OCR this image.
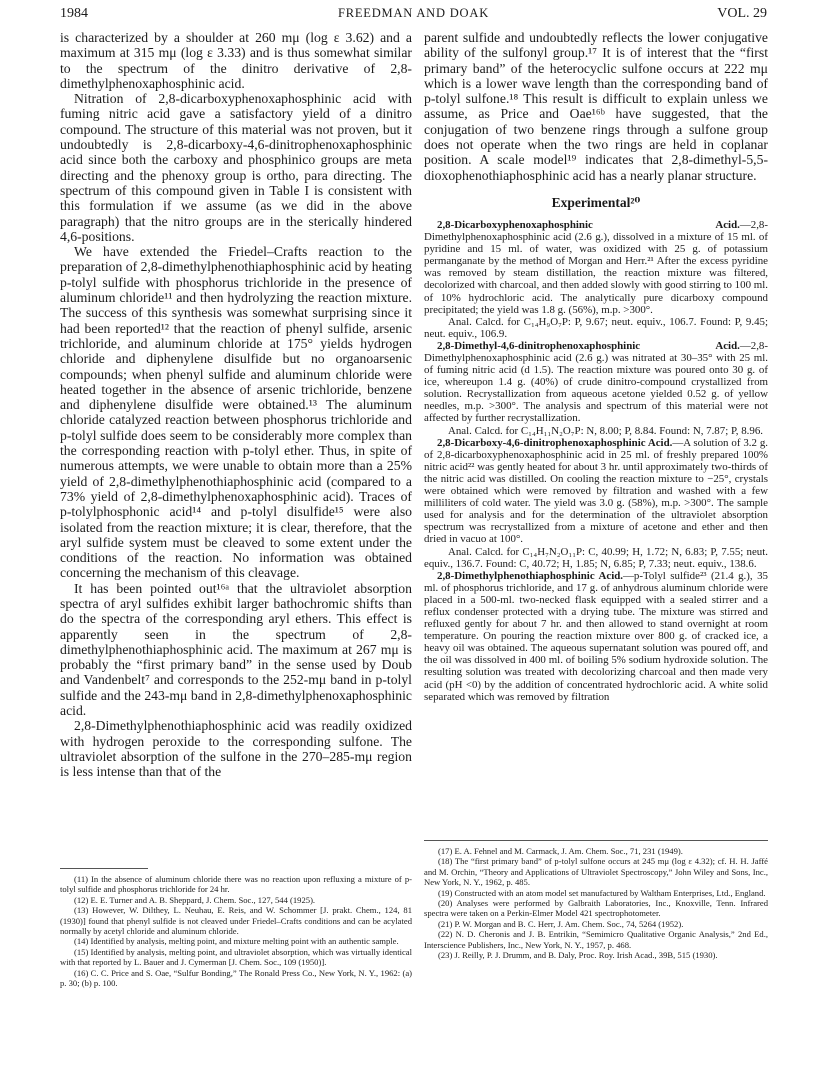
1984	FREEDMAN AND DOAK	VOL. 29

is characterized by a shoulder at 260 mμ (log ε 3.62) and a maximum at 315 mμ (log ε 3.33) and is thus somewhat similar to the spectrum of the dinitro derivative of 2,8-dimethylphenoxaphosphinic acid.

Nitration of 2,8-dicarboxyphenoxaphosphinic acid with fuming nitric acid gave a satisfactory yield of a dinitro compound. The structure of this material was not proven, but it undoubtedly is 2,8-dicarboxy-4,6-dinitrophenoxaphosphinic acid since both the carboxy and phosphinico groups are meta directing and the phenoxy group is ortho, para directing. The spectrum of this compound given in Table I is consistent with this formulation if we assume (as we did in the above paragraph) that the nitro groups are in the sterically hindered 4,6-positions.

We have extended the Friedel–Crafts reaction to the preparation of 2,8-dimethylphenothiaphosphinic acid by heating p-tolyl sulfide with phosphorus trichloride in the presence of aluminum chloride¹¹ and then hydrolyzing the reaction mixture. The success of this synthesis was somewhat surprising since it had been reported¹² that the reaction of phenyl sulfide, arsenic trichloride, and aluminum chloride at 175° yields hydrogen chloride and diphenylene disulfide but no organoarsenic compounds; when phenyl sulfide and aluminum chloride were heated together in the absence of arsenic trichloride, benzene and diphenylene disulfide were obtained.¹³ The aluminum chloride catalyzed reaction between phosphorus trichloride and p-tolyl sulfide does seem to be considerably more complex than the corresponding reaction with p-tolyl ether. Thus, in spite of numerous attempts, we were unable to obtain more than a 25% yield of 2,8-dimethylphenothiaphosphinic acid (compared to a 73% yield of 2,8-dimethylphenoxaphosphinic acid). Traces of p-tolylphosphonic acid¹⁴ and p-tolyl disulfide¹⁵ were also isolated from the reaction mixture; it is clear, therefore, that the aryl sulfide system must be cleaved to some extent under the conditions of the reaction. No information was obtained concerning the mechanism of this cleavage.

It has been pointed out¹⁶ᵃ that the ultraviolet absorption spectra of aryl sulfides exhibit larger bathochromic shifts than do the spectra of the corresponding aryl ethers. This effect is apparently seen in the spectrum of 2,8-dimethylphenothiaphosphinic acid. The maximum at 267 mμ is probably the “first primary band” in the sense used by Doub and Vandenbelt⁷ and corresponds to the 252-mμ band in p-tolyl sulfide and the 243-mμ band in 2,8-dimethylphenoxaphosphinic acid.

2,8-Dimethylphenothiaphosphinic acid was readily oxidized with hydrogen peroxide to the corresponding sulfone. The ultraviolet absorption of the sulfone in the 270–285-mμ region is less intense than that of the

parent sulfide and undoubtedly reflects the lower conjugative ability of the sulfonyl group.¹⁷ It is of interest that the “first primary band” of the heterocyclic sulfone occurs at 222 mμ which is a lower wave length than the corresponding band of p-tolyl sulfone.¹⁸ This result is difficult to explain unless we assume, as Price and Oae¹⁶ᵇ have suggested, that the conjugation of two benzene rings through a sulfone group does not operate when the two rings are held in coplanar position. A scale model¹⁹ indicates that 2,8-dimethyl-5,5-dioxophenothiaphosphinic acid has a nearly planar structure.

Experimental²⁰

2,8-Dicarboxyphenoxaphosphinic Acid.—2,8-Dimethylphenoxaphosphinic acid (2.6 g.), dissolved in a mixture of 15 ml. of pyridine and 15 ml. of water, was oxidized with 25 g. of potassium permanganate by the method of Morgan and Herr.²¹ After the excess pyridine was removed by steam distillation, the reaction mixture was filtered, decolorized with charcoal, and then added slowly with good stirring to 100 ml. of 10% hydrochloric acid. The analytically pure dicarboxy compound precipitated; the yield was 1.8 g. (56%), m.p. >300°.

Anal. Calcd. for C₁₄H₉O₇P: P, 9.67; neut. equiv., 106.7. Found: P, 9.45; neut. equiv., 106.9.

2,8-Dimethyl-4,6-dinitrophenoxaphosphinic Acid.—2,8-Dimethylphenoxaphosphinic acid (2.6 g.) was nitrated at 30–35° with 25 ml. of fuming nitric acid (d 1.5). The reaction mixture was poured onto 30 g. of ice, whereupon 1.4 g. (40%) of crude dinitro-compound crystallized from solution. Recrystallization from aqueous acetone yielded 0.52 g. of yellow needles, m.p. >300°. The analysis and spectrum of this material were not affected by further recrystallization.

Anal. Calcd. for C₁₄H₁₁N₂O₇P: N, 8.00; P, 8.84. Found: N, 7.87; P, 8.96.

2,8-Dicarboxy-4,6-dinitrophenoxaphosphinic Acid.—A solution of 3.2 g. of 2,8-dicarboxyphenoxaphosphinic acid in 25 ml. of freshly prepared 100% nitric acid²² was gently heated for about 3 hr. until approximately two-thirds of the nitric acid was distilled. On cooling the reaction mixture to −25°, crystals were obtained which were removed by filtration and washed with a few milliliters of cold water. The yield was 3.0 g. (58%), m.p. >300°. The sample used for analysis and for the determination of the ultraviolet absorption spectrum was recrystallized from a mixture of acetone and ether and then dried in vacuo at 100°.

Anal. Calcd. for C₁₄H₇N₂O₁₁P: C, 40.99; H, 1.72; N, 6.83; P, 7.55; neut. equiv., 136.7. Found: C, 40.72; H, 1.85; N, 6.85; P, 7.33; neut. equiv., 138.6.

2,8-Dimethylphenothiaphosphinic Acid.—p-Tolyl sulfide²³ (21.4 g.), 35 ml. of phosphorus trichloride, and 17 g. of anhydrous aluminum chloride were placed in a 500-ml. two-necked flask equipped with a sealed stirrer and a reflux condenser protected with a drying tube. The mixture was stirred and refluxed gently for about 7 hr. and then allowed to stand overnight at room temperature. On pouring the reaction mixture over 800 g. of cracked ice, a heavy oil was obtained. The aqueous supernatant solution was poured off, and the oil was dissolved in 400 ml. of boiling 5% sodium hydroxide solution. The resulting solution was treated with decolorizing charcoal and then made very acid (pH <0) by the addition of concentrated hydrochloric acid. A white solid separated which was removed by filtration

(11) In the absence of aluminum chloride there was no reaction upon refluxing a mixture of p-tolyl sulfide and phosphorus trichloride for 24 hr.

(12) E. E. Turner and A. B. Sheppard, J. Chem. Soc., 127, 544 (1925).

(13) However, W. Dilthey, L. Neuhau, E. Reis, and W. Schommer [J. prakt. Chem., 124, 81 (1930)] found that phenyl sulfide is not cleaved under Friedel–Crafts conditions and can be acylated normally by acetyl chloride and aluminum chloride.

(14) Identified by analysis, melting point, and mixture melting point with an authentic sample.

(15) Identified by analysis, melting point, and ultraviolet absorption, which was virtually identical with that reported by L. Bauer and J. Cymerman [J. Chem. Soc., 109 (1950)].

(16) C. C. Price and S. Oae, “Sulfur Bonding,” The Ronald Press Co., New York, N. Y., 1962: (a) p. 30; (b) p. 100.

(17) E. A. Fehnel and M. Carmack, J. Am. Chem. Soc., 71, 231 (1949).

(18) The “first primary band” of p-tolyl sulfone occurs at 245 mμ (log ε 4.32); cf. H. H. Jaffé and M. Orchin, “Theory and Applications of Ultraviolet Spectroscopy,” John Wiley and Sons, Inc., New York, N. Y., 1962, p. 485.

(19) Constructed with an atom model set manufactured by Waltham Enterprises, Ltd., England.

(20) Analyses were performed by Galbraith Laboratories, Inc., Knoxville, Tenn. Infrared spectra were taken on a Perkin-Elmer Model 421 spectrophotometer.

(21) P. W. Morgan and B. C. Herr, J. Am. Chem. Soc., 74, 5264 (1952).

(22) N. D. Cheronis and J. B. Entrikin, “Semimicro Qualitative Organic Analysis,” 2nd Ed., Interscience Publishers, Inc., New York, N. Y., 1957, p. 468.

(23) J. Reilly, P. J. Drumm, and B. Daly, Proc. Roy. Irish Acad., 39B, 515 (1930).
